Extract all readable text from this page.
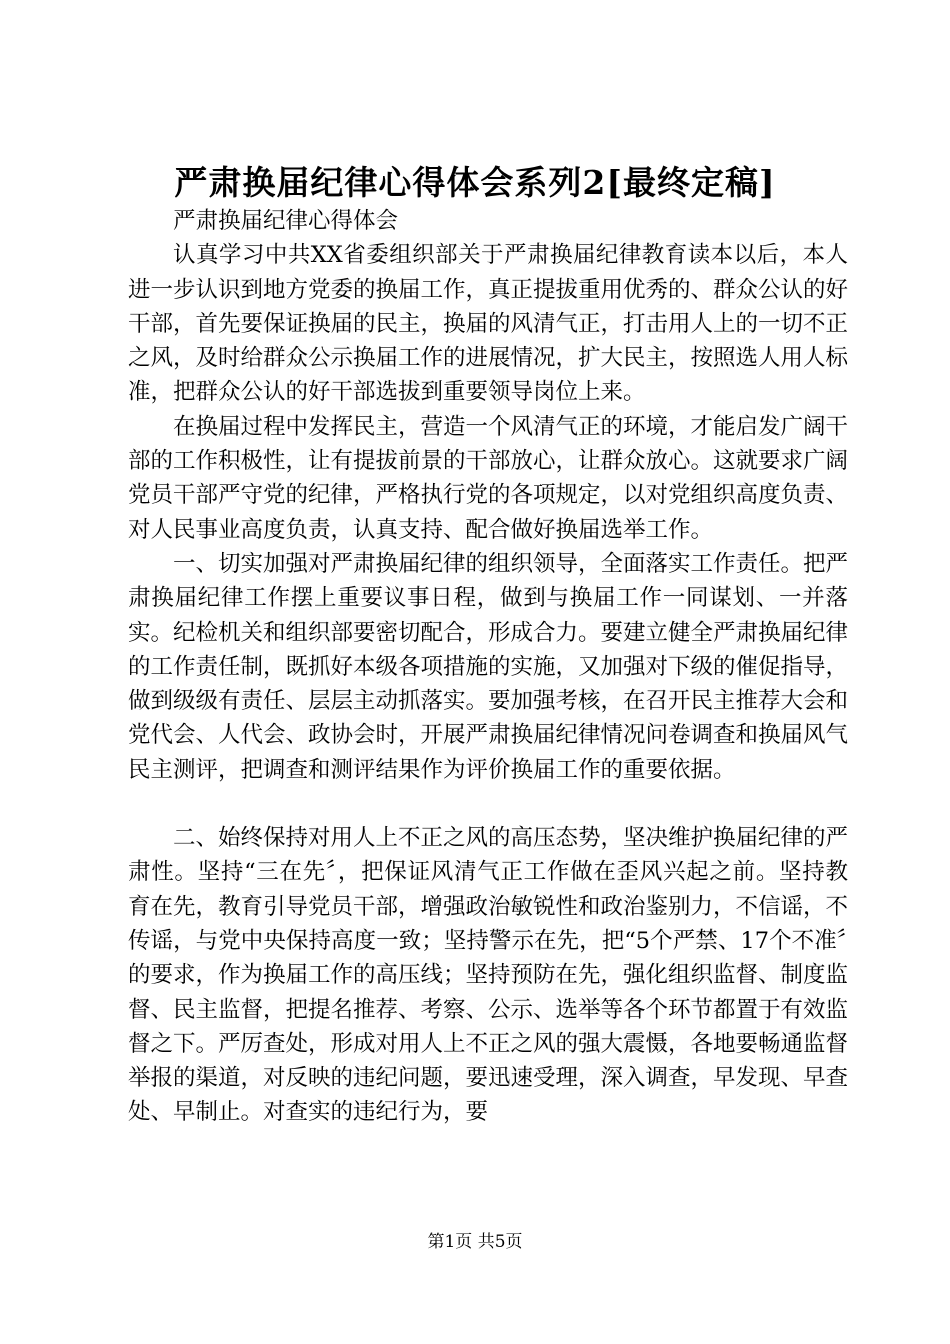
严肃换届纪律心得体会系列2[最终定稿]

严肃换届纪律心得体会

认真学习中共XX省委组织部关于严肃换届纪律教育读本以后，本人进一步认识到地方党委的换届工作，真正提拔重用优秀的、群众公认的好干部，首先要保证换届的民主，换届的风清气正，打击用人上的一切不正之风，及时给群众公示换届工作的进展情况，扩大民主，按照选人用人标准，把群众公认的好干部选拔到重要领导岗位上来。

在换届过程中发挥民主，营造一个风清气正的环境，才能启发广阔干部的工作积极性，让有提拔前景的干部放心，让群众放心。这就要求广阔党员干部严守党的纪律，严格执行党的各项规定，以对党组织高度负责、对人民事业高度负责，认真支持、配合做好换届选举工作。

一、切实加强对严肃换届纪律的组织领导，全面落实工作责任。把严肃换届纪律工作摆上重要议事日程，做到与换届工作一同谋划、一并落实。纪检机关和组织部要密切配合，形成合力。要建立健全严肃换届纪律的工作责任制，既抓好本级各项措施的实施，又加强对下级的催促指导，做到级级有责任、层层主动抓落实。要加强考核，在召开民主推荐大会和党代会、人代会、政协会时，开展严肃换届纪律情况问卷调查和换届风气民主测评，把调查和测评结果作为评价换届工作的重要依据。

二、始终保持对用人上不正之风的高压态势，坚决维护换届纪律的严肃性。坚持“三在先〞，把保证风清气正工作做在歪风兴起之前。坚持教育在先，教育引导党员干部，增强政治敏锐性和政治鉴别力，不信谣，不传谣，与党中央保持高度一致；坚持警示在先，把“5个严禁、17个不准〞的要求，作为换届工作的高压线；坚持预防在先，强化组织监督、制度监督、民主监督，把提名推荐、考察、公示、选举等各个环节都置于有效监督之下。严厉查处，形成对用人上不正之风的强大震慑，各地要畅通监督举报的渠道，对反映的违纪问题，要迅速受理，深入调查，早发现、早查处、早制止。对查实的违纪行为，要

第1页 共5页
